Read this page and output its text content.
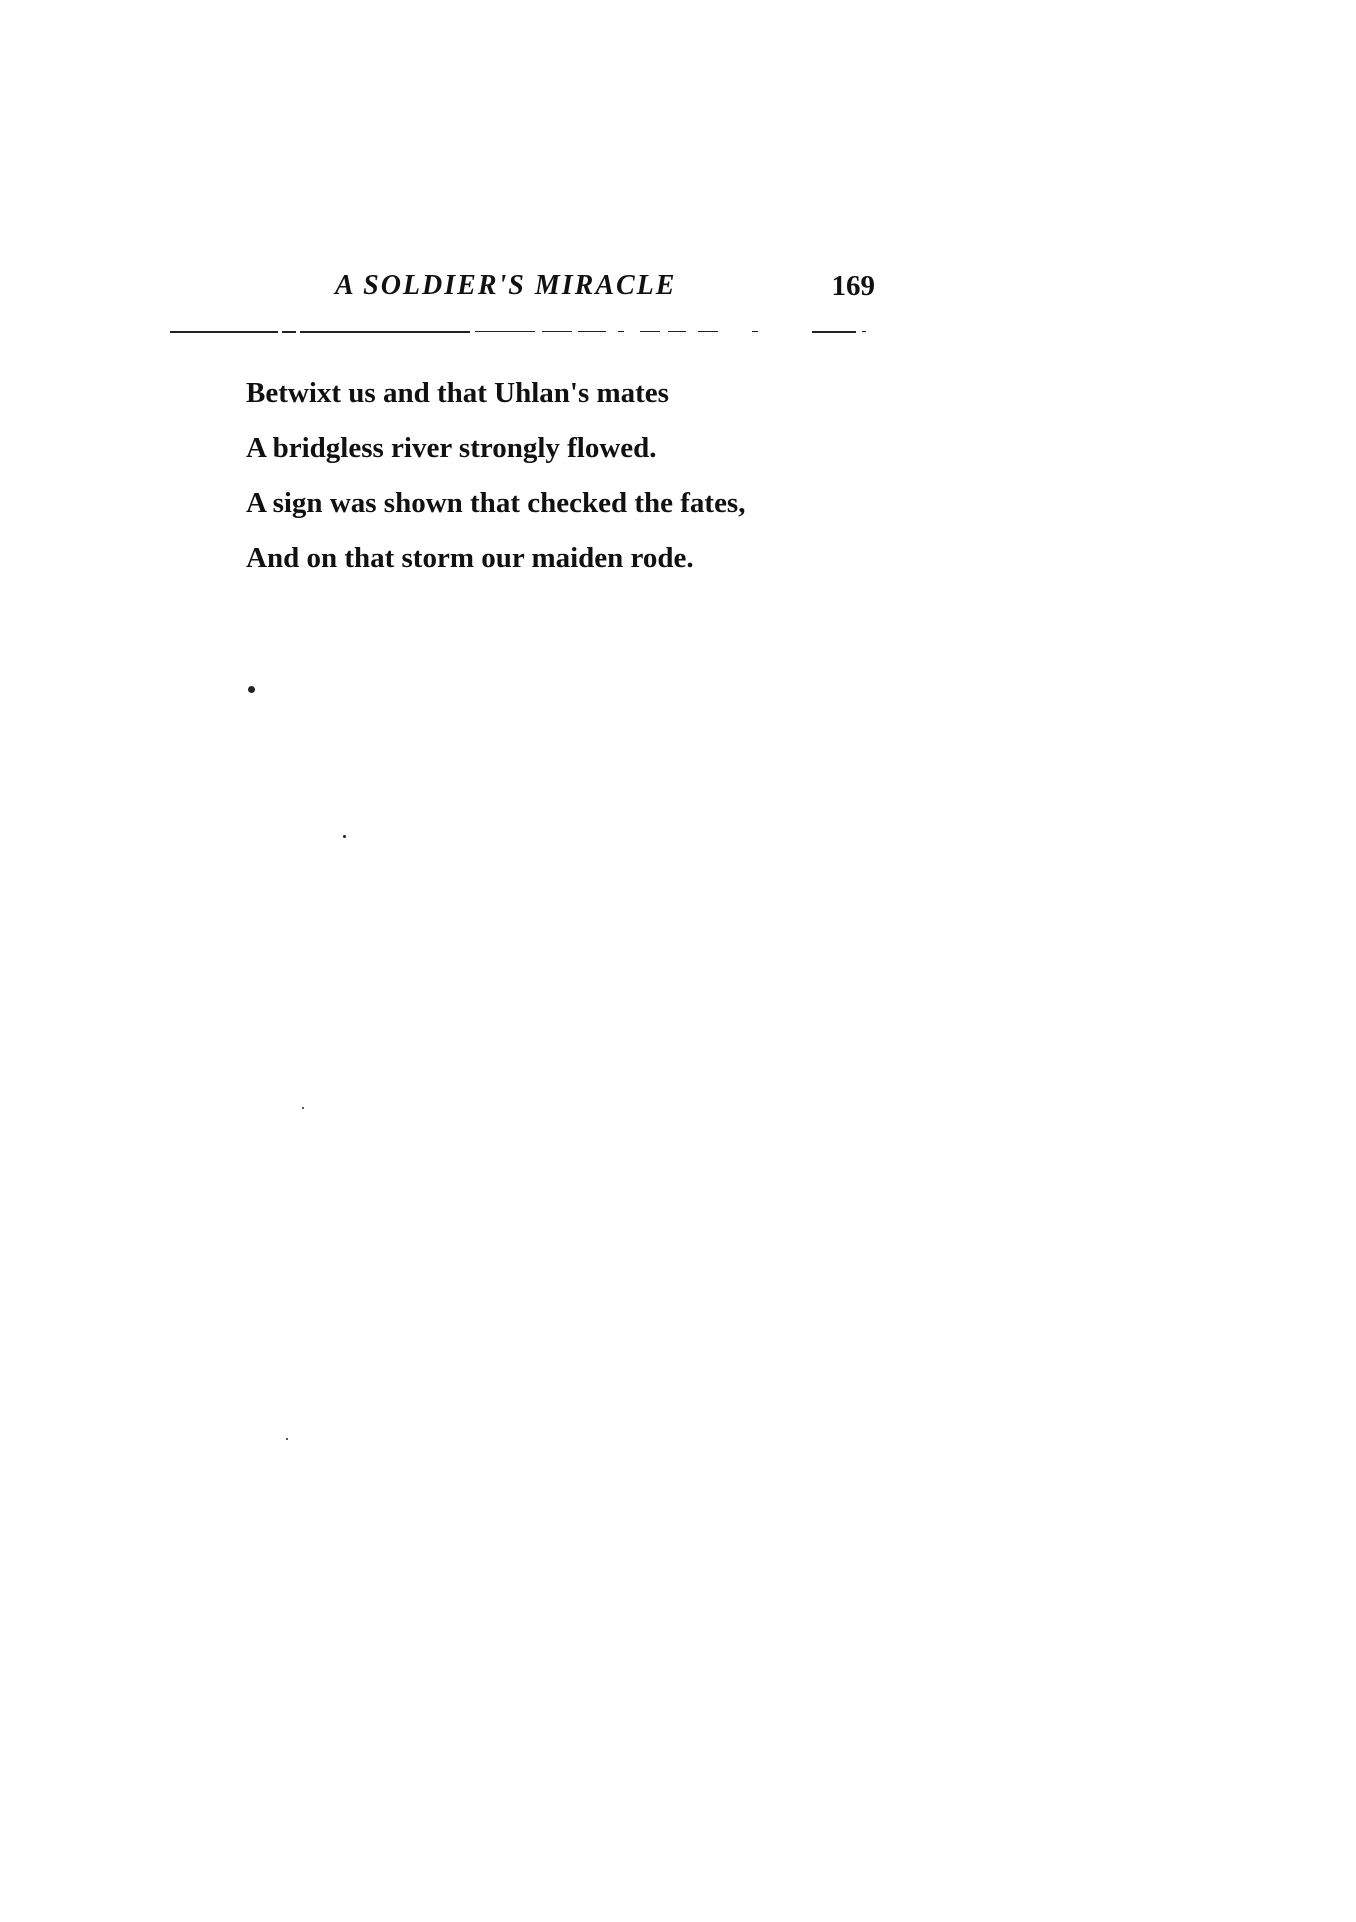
A SOLDIER'S MIRACLE	169
Betwixt us and that Uhlan's mates
A bridgless river strongly flowed.
A sign was shown that checked the fates,
And on that storm our maiden rode.
